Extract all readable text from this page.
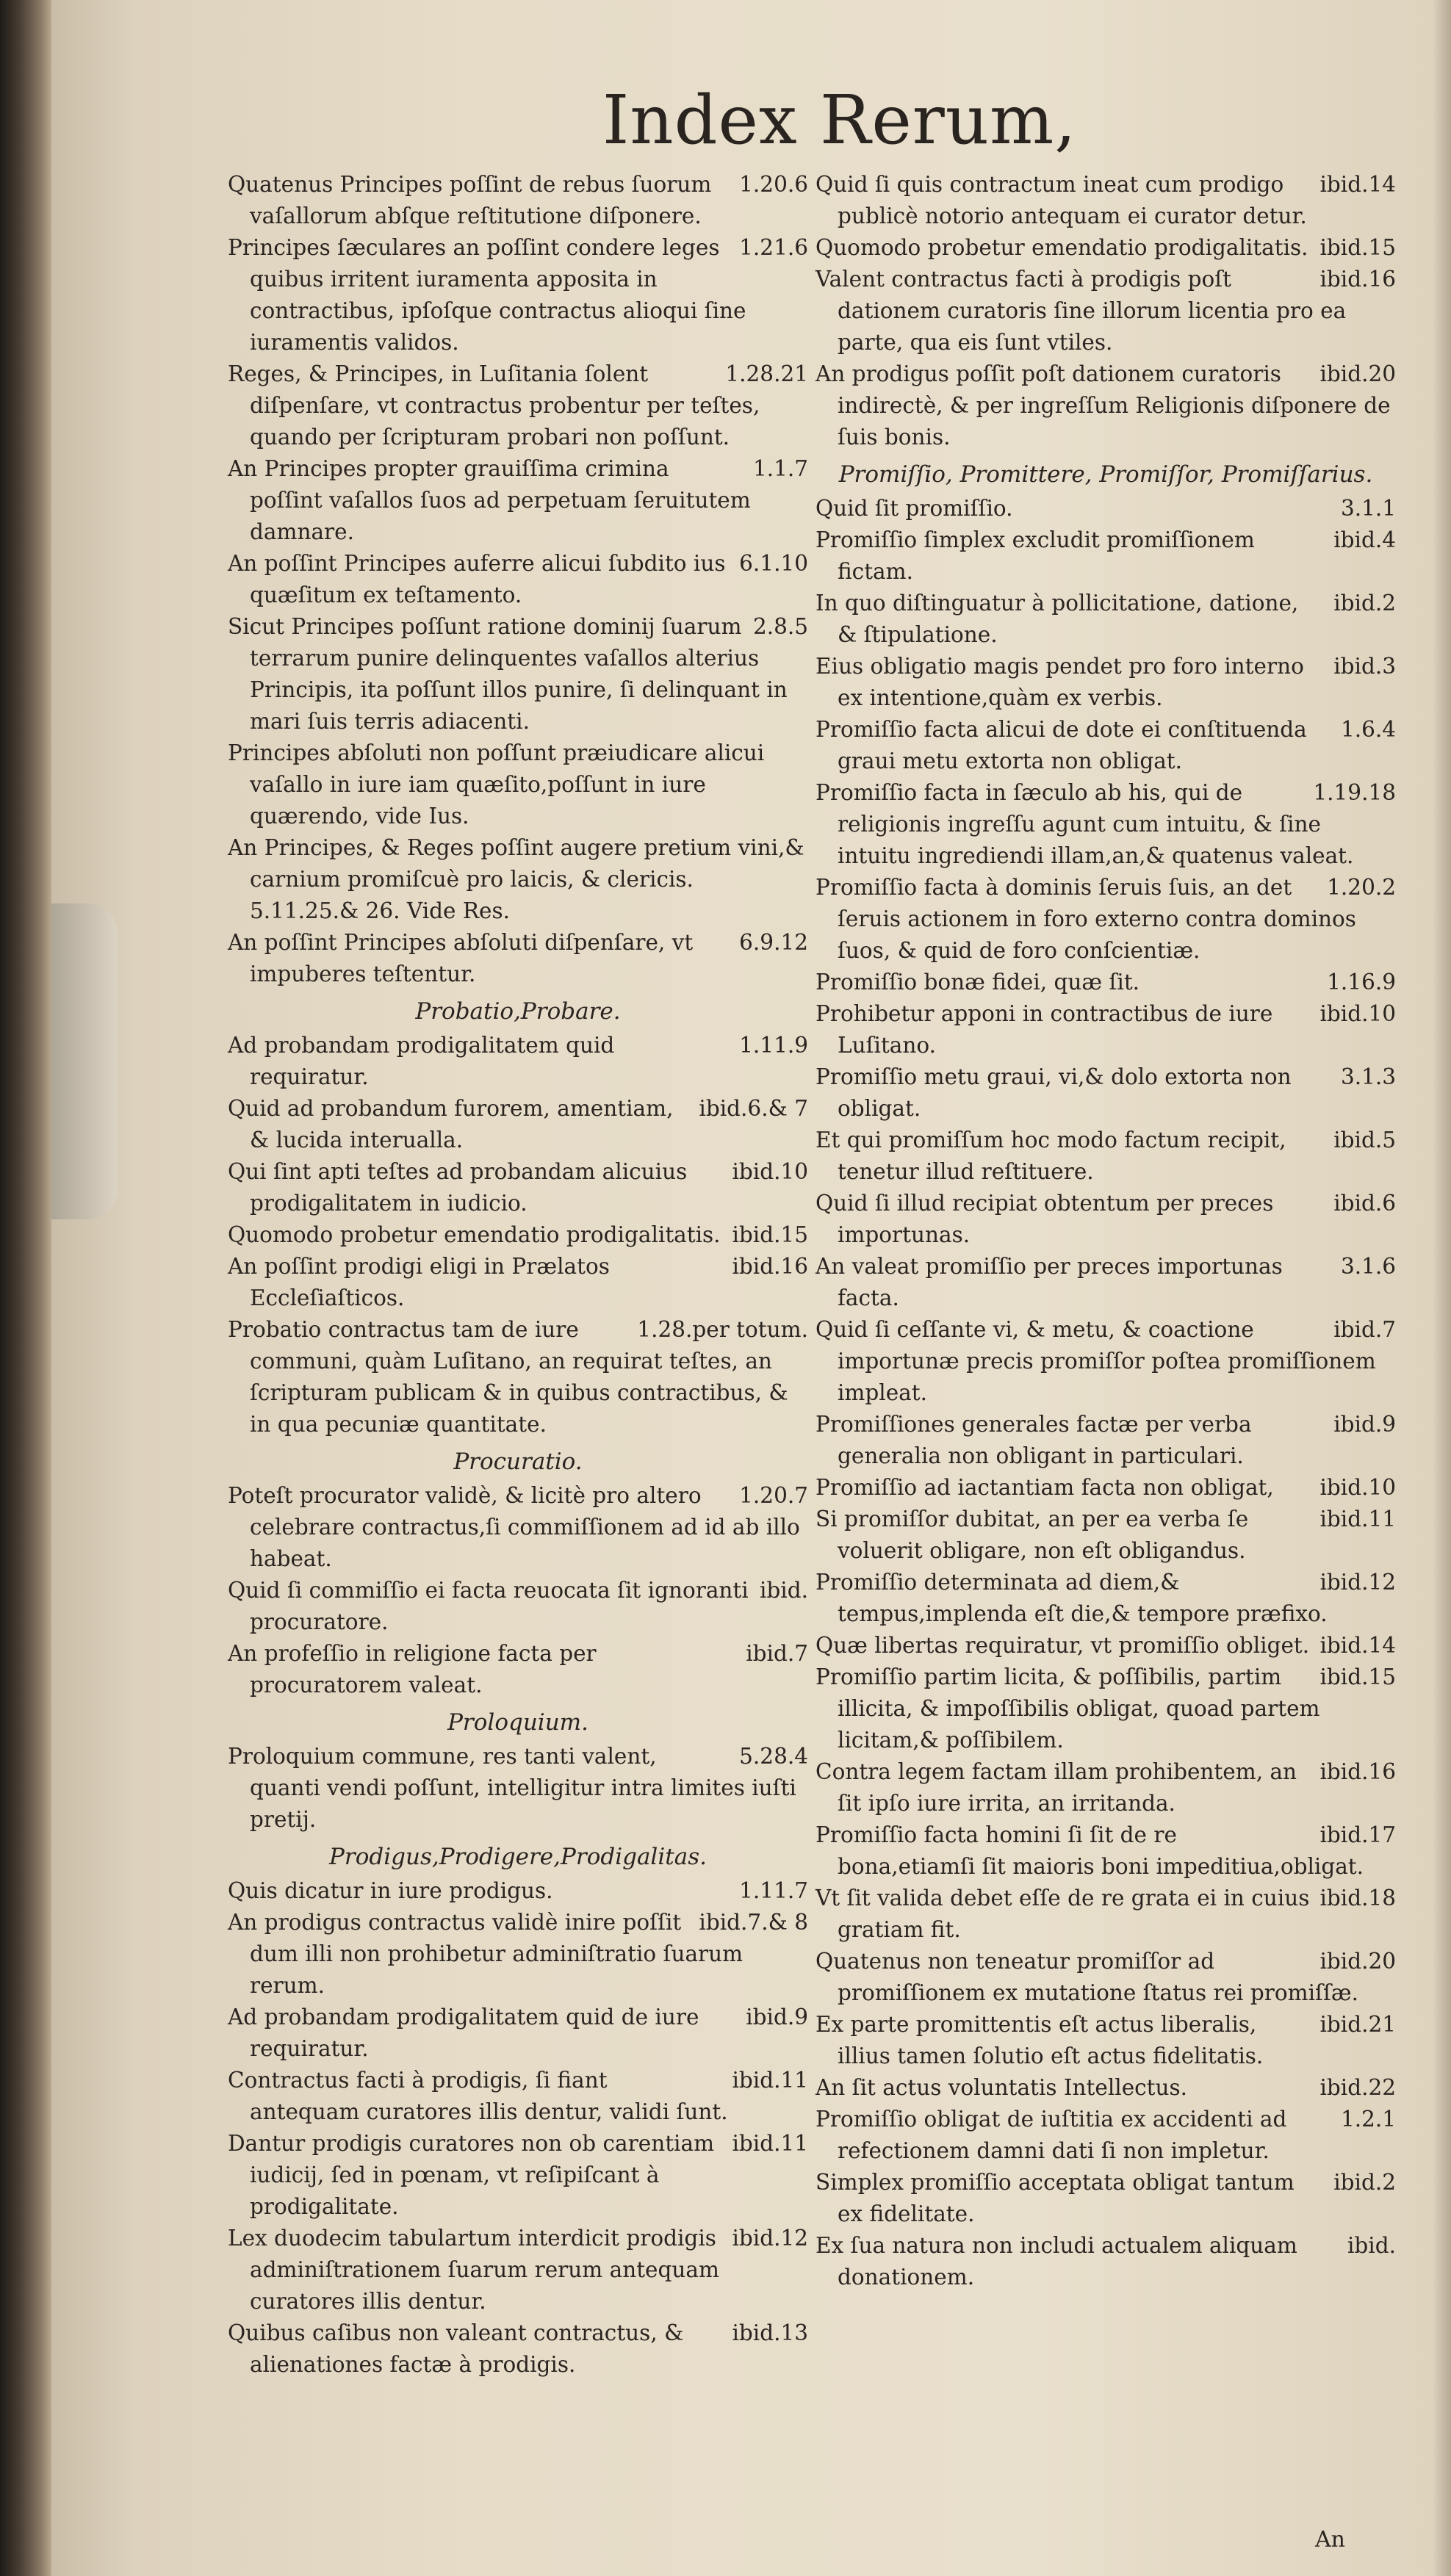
Index Rerum,
1.20.6
Quatenus Principes poſſint de rebus ſuorum vaſallorum abſque reſtitutione diſponere.
1.21.6
Principes ſæculares an poſſint condere leges quibus irritent iuramenta apposita in contractibus, ipſoſque contractus alioqui ſine iuramentis validos.
1.28.21
Reges, & Principes, in Luſitania ſolent diſpenſare, vt contractus probentur per teſtes, quando per ſcripturam probari non poſſunt.
1.1.7
An Principes propter grauiſſima crimina poſſint vaſallos ſuos ad perpetuam ſeruitutem damnare.
6.1.10
An poſſint Principes auferre alicui ſubdito ius quæſitum ex teſtamento.
2.8.5
Sicut Principes poſſunt ratione dominij ſuarum terrarum punire delinquentes vaſallos alterius Principis, ita poſſunt illos punire, ſi delinquant in mari ſuis terris adiacenti.
Principes abſoluti non poſſunt præiudicare alicui vaſallo in iure iam quæſito,poſſunt in iure quærendo, vide Ius.
An Principes, & Reges poſſint augere pretium vini,& carnium promiſcuè pro laicis, & clericis. 5.11.25.& 26. Vide Res.
6.9.12
An poſſint Principes abſoluti diſpenſare, vt impuberes teſtentur.
Probatio,Probare.
1.11.9
Ad probandam prodigalitatem quid requiratur.
ibid.6.& 7
Quid ad probandum furorem, amentiam, & lucida interualla.
ibid.10
Qui ſint apti teſtes ad probandam alicuius prodigalitatem in iudicio.
ibid.15
Quomodo probetur emendatio prodigalitatis.
ibid.16
An poſſint prodigi eligi in Prælatos Eccleſiaſticos.
1.28.per totum.
Probatio contractus tam de iure communi, quàm Luſitano, an requirat teſtes, an ſcripturam publicam & in quibus contractibus, & in qua pecuniæ quantitate.
Procuratio.
1.20.7
Poteſt procurator validè, & licitè pro altero celebrare contractus,ſi commiſſionem ad id ab illo habeat.
ibid.
Quid ſi commiſſio ei facta reuocata ſit ignoranti procuratore.
ibid.7
An profeſſio in religione facta per procuratorem valeat.
Proloquium.
5.28.4
Proloquium commune, res tanti valent, quanti vendi poſſunt, intelligitur intra limites iuſti pretij.
Prodigus,Prodigere,Prodigalitas.
1.11.7
Quis dicatur in iure prodigus.
ibid.7.& 8
An prodigus contractus validè inire poſſit dum illi non prohibetur adminiſtratio ſuarum rerum.
ibid.9
Ad probandam prodigalitatem quid de iure requiratur.
ibid.11
Contractus facti à prodigis, ſi fiant antequam curatores illis dentur, validi ſunt.
ibid.11
Dantur prodigis curatores non ob carentiam iudicij, ſed in pœnam, vt reſipiſcant à prodigalitate.
ibid.12
Lex duodecim tabulartum interdicit prodigis adminiſtrationem ſuarum rerum antequam curatores illis dentur.
ibid.13
Quibus caſibus non valeant contractus, & alienationes factæ à prodigis.
ibid.14
Quid ſi quis contractum ineat cum prodigo publicè notorio antequam ei curator detur.
ibid.15
Quomodo probetur emendatio prodigalitatis.
ibid.16
Valent contractus facti à prodigis poſt dationem curatoris ſine illorum licentia pro ea parte, qua eis ſunt vtiles.
ibid.20
An prodigus poſſit poſt dationem curatoris indirectè, & per ingreſſum Religionis diſponere de ſuis bonis.
Promiſſio, Promittere, Promiſſor, Promiſſarius.
3.1.1
Quid ſit promiſſio.
ibid.4
Promiſſio ſimplex excludit promiſſionem fictam.
ibid.2
In quo diſtinguatur à pollicitatione, datione, & ſtipulatione.
ibid.3
Eius obligatio magis pendet pro foro interno ex intentione,quàm ex verbis.
1.6.4
Promiſſio facta alicui de dote ei conſtituenda graui metu extorta non obligat.
1.19.18
Promiſſio facta in ſæculo ab his, qui de religionis ingreſſu agunt cum intuitu, & ſine intuitu ingrediendi illam,an,& quatenus valeat.
1.20.2
Promiſſio facta à dominis ſeruis ſuis, an det ſeruis actionem in foro externo contra dominos ſuos, & quid de foro conſcientiæ.
1.16.9
Promiſſio bonæ fidei, quæ ſit.
ibid.10
Prohibetur apponi in contractibus de iure Luſitano.
3.1.3
Promiſſio metu graui, vi,& dolo extorta non obligat.
ibid.5
Et qui promiſſum hoc modo factum recipit, tenetur illud reſtituere.
ibid.6
Quid ſi illud recipiat obtentum per preces importunas.
3.1.6
An valeat promiſſio per preces importunas facta.
ibid.7
Quid ſi ceſſante vi, & metu, & coactione importunæ precis promiſſor poſtea promiſſionem impleat.
ibid.9
Promiſſiones generales factæ per verba generalia non obligant in particulari.
ibid.10
Promiſſio ad iactantiam facta non obligat,
ibid.11
Si promiſſor dubitat, an per ea verba ſe voluerit obligare, non eſt obligandus.
ibid.12
Promiſſio determinata ad diem,& tempus,implenda eſt die,& tempore præfixo.
ibid.14
Quæ libertas requiratur, vt promiſſio obliget.
ibid.15
Promiſſio partim licita, & poſſibilis, partim illicita, & impoſſibilis obligat, quoad partem licitam,& poſſibilem.
ibid.16
Contra legem factam illam prohibentem, an ſit ipſo iure irrita, an irritanda.
ibid.17
Promiſſio facta homini ſi ſit de re bona,etiamſi ſit maioris boni impeditiua,obligat.
ibid.18
Vt ſit valida debet eſſe de re grata ei in cuius gratiam fit.
ibid.20
Quatenus non teneatur promiſſor ad promiſſionem ex mutatione ſtatus rei promiſſæ.
ibid.21
Ex parte promittentis eſt actus liberalis, illius tamen ſolutio eſt actus fidelitatis.
ibid.22
An ſit actus voluntatis Intellectus.
1.2.1
Promiſſio obligat de iuſtitia ex accidenti ad refectionem damni dati ſi non impletur.
ibid.2
Simplex promiſſio acceptata obligat tantum ex fidelitate.
ibid.
Ex ſua natura non includi actualem aliquam donationem.
An
